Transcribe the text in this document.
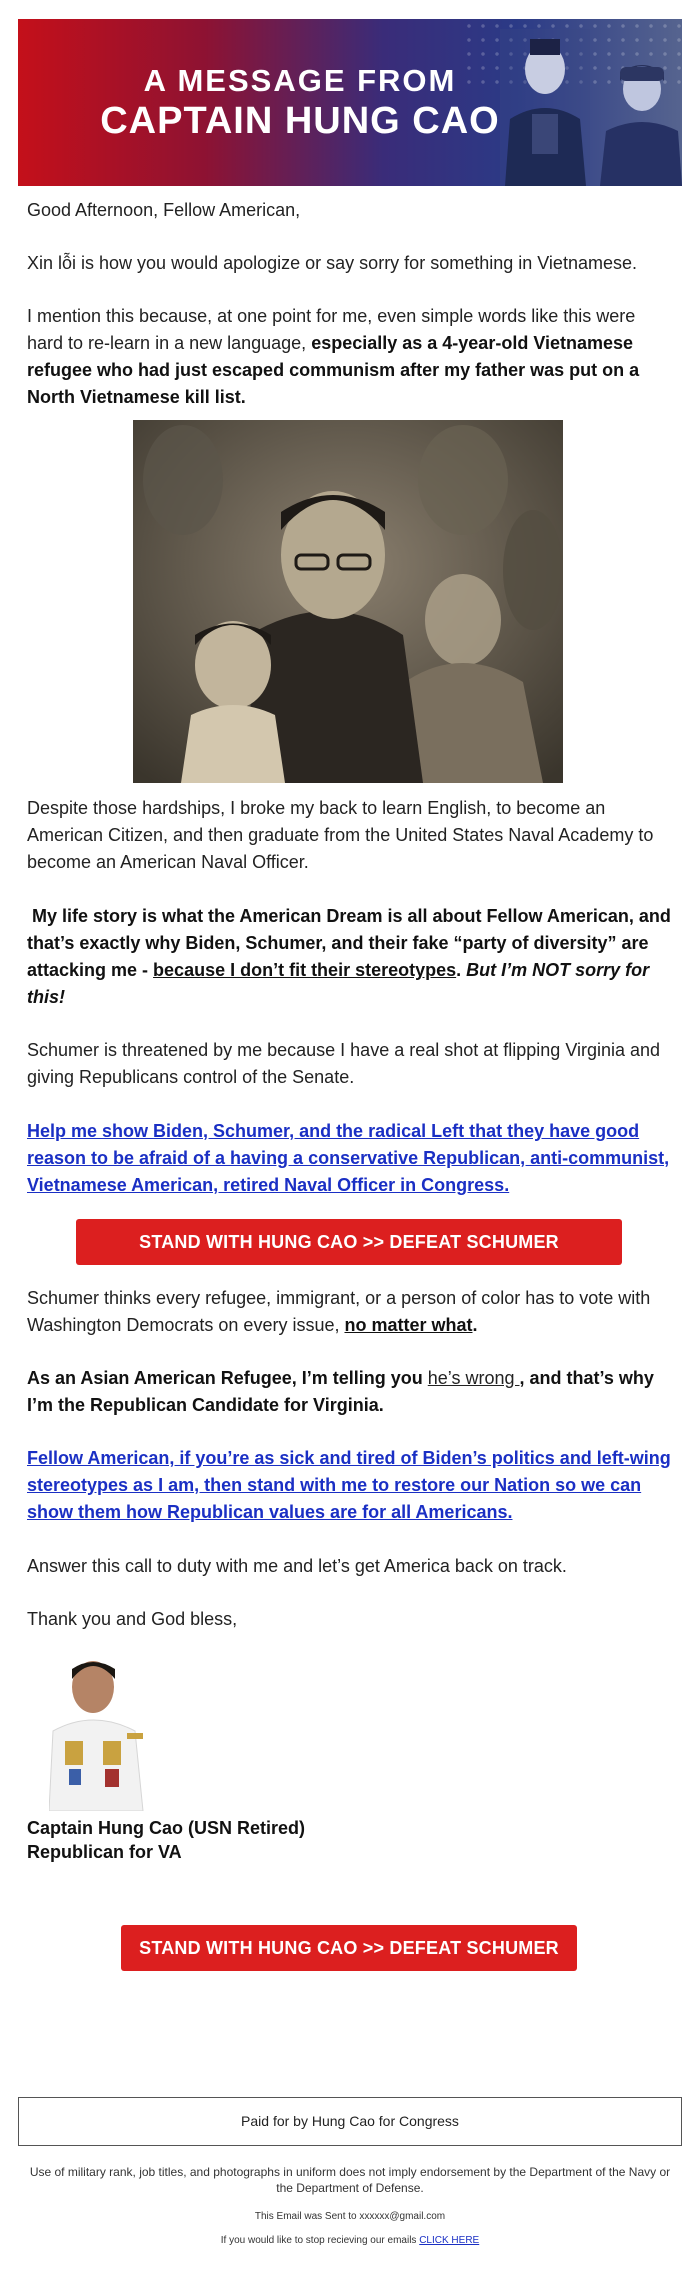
A MESSAGE FROM
CAPTAIN HUNG CAO
Good Afternoon, Fellow American,
Xin lỗi is how you would apologize or say sorry for something in Vietnamese.
I mention this because, at one point for me, even simple words like this were hard to re-learn in a new language, especially as a 4-year-old Vietnamese refugee who had just escaped communism after my father was put on a North Vietnamese kill list.
Despite those hardships, I broke my back to learn English, to become an American Citizen, and then graduate from the United States Naval Academy to become an American Naval Officer.
My life story is what the American Dream is all about Fellow American, and that’s exactly why Biden, Schumer, and their fake “party of diversity” are attacking me - because I don’t fit their stereotypes. But I’m NOT sorry for this!
Schumer is threatened by me because I have a real shot at flipping Virginia and giving Republicans control of the Senate.
Help me show Biden, Schumer, and the radical Left that they have good reason to be afraid of a having a conservative Republican, anti-communist, Vietnamese American, retired Naval Officer in Congress.
STAND WITH HUNG CAO >> DEFEAT SCHUMER
Schumer thinks every refugee, immigrant, or a person of color has to vote with Washington Democrats on every issue, no matter what.
As an Asian American Refugee, I’m telling you he’s wrong , and that’s why I’m the Republican Candidate for Virginia.
Fellow American, if you’re as sick and tired of Biden’s politics and left-wing stereotypes as I am, then stand with me to restore our Nation so we can show them how Republican values are for all Americans.
Answer this call to duty with me and let’s get America back on track.
Thank you and God bless,
Captain Hung Cao (USN Retired)
Republican for VA
STAND WITH HUNG CAO >> DEFEAT SCHUMER
Paid for by Hung Cao for Congress
Use of military rank, job titles, and photographs in uniform does not imply endorsement by the Department of the Navy or the Department of Defense.
This Email was Sent to xxxxxx@gmail.com
If you would like to stop recieving our emails CLICK HERE
